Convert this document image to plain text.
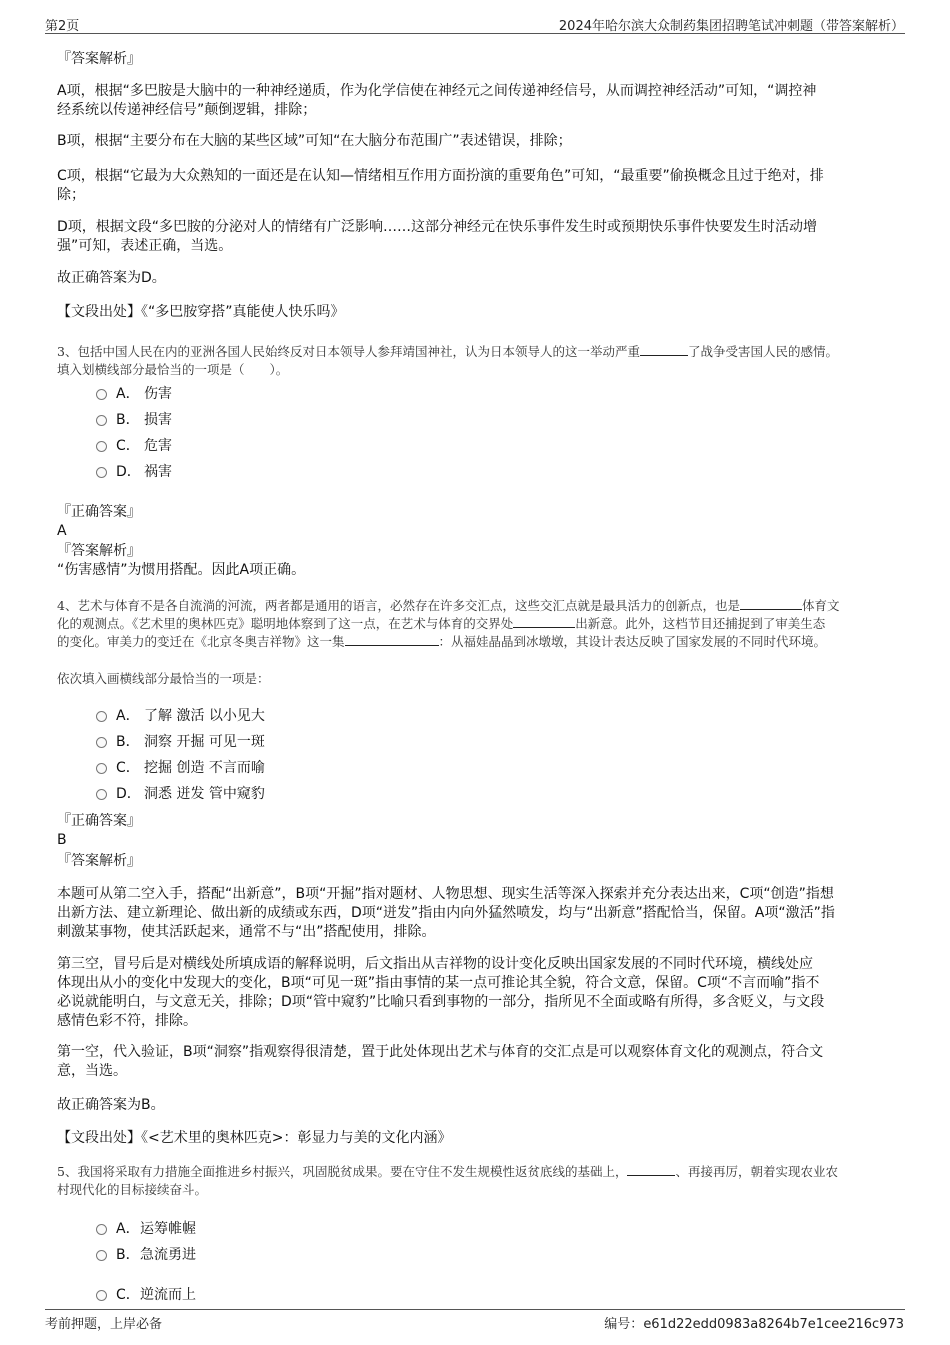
第2页	2024年哈尔滨大众制药集团招聘笔试冲刺题（带答案解析）
『答案解析』
A项，根据“多巴胺是大脑中的一种神经递质，作为化学信使在神经元之间传递神经信号，从而调控神经活动”可知，“调控神
经系统以传递神经信号”颠倒逻辑，排除；
B项，根据“主要分布在大脑的某些区域”可知“在大脑分布范围广”表述错误，排除；
C项，根据“它最为大众熟知的一面还是在认知—情绪相互作用方面扮演的重要角色”可知，“最重要”偷换概念且过于绝对，排
除；
D项，根据文段“多巴胺的分泌对人的情绪有广泛影响……这部分神经元在快乐事件发生时或预期快乐事件快要发生时活动增
强”可知，表述正确，当选。
故正确答案为D。
【文段出处】《“多巴胺穿搭”真能使人快乐吗》
3、包括中国人民在内的亚洲各国人民始终反对日本领导人参拜靖国神社，认为日本领导人的这一举动严重	了战争受害国人民的感情。
填入划横线部分最恰当的一项是（　　）。
A． 伤害
B． 损害
C． 危害
D． 祸害
『正确答案』
A
『答案解析』
“伤害感情”为惯用搭配。因此A项正确。
4、艺术与体育不是各自流淌的河流，两者都是通用的语言，必然存在许多交汇点，这些交汇点就是最具活力的创新点，也是	体育文
化的观测点。《艺术里的奥林匹克》聪明地体察到了这一点，在艺术与体育的交界处	出新意。此外，这档节目还捕捉到了审美生态
的变化。审美力的变迁在《北京冬奥吉祥物》这一集	：从福娃晶晶到冰墩墩，其设计表达反映了国家发展的不同时代环境。
依次填入画横线部分最恰当的一项是：
A． 了解 激活 以小见大
B． 洞察 开掘 可见一斑
C． 挖掘 创造 不言而喻
D． 洞悉 迸发 管中窥豹
『正确答案』
B
『答案解析』
本题可从第二空入手，搭配“出新意”，B项“开掘”指对题材、人物思想、现实生活等深入探索并充分表达出来，C项“创造”指想
出新方法、建立新理论、做出新的成绩或东西，D项“迸发”指由内向外猛然喷发，均与“出新意”搭配恰当，保留。A项“激活”指
刺激某事物，使其活跃起来，通常不与“出”搭配使用，排除。
第三空，冒号后是对横线处所填成语的解释说明，后文指出从吉祥物的设计变化反映出国家发展的不同时代环境，横线处应
体现出从小的变化中发现大的变化，B项“可见一斑”指由事情的某一点可推论其全貌，符合文意，保留。C项“不言而喻”指不
必说就能明白，与文意无关，排除；D项“管中窥豹”比喻只看到事物的一部分，指所见不全面或略有所得，多含贬义，与文段
感情色彩不符，排除。
第一空，代入验证，B项“洞察”指观察得很清楚，置于此处体现出艺术与体育的交汇点是可以观察体育文化的观测点，符合文
意，当选。
故正确答案为B。
【文段出处】《<艺术里的奥林匹克>：彰显力与美的文化内涵》
5、我国将采取有力措施全面推进乡村振兴，巩固脱贫成果。要在守住不发生规模性返贫底线的基础上，	、再接再厉，朝着实现农业农
村现代化的目标接续奋斗。
A． 运筹帷幄
B． 急流勇进
C． 逆流而上
考前押题，上岸必备	编号：e61d22edd0983a8264b7e1cee216c973
